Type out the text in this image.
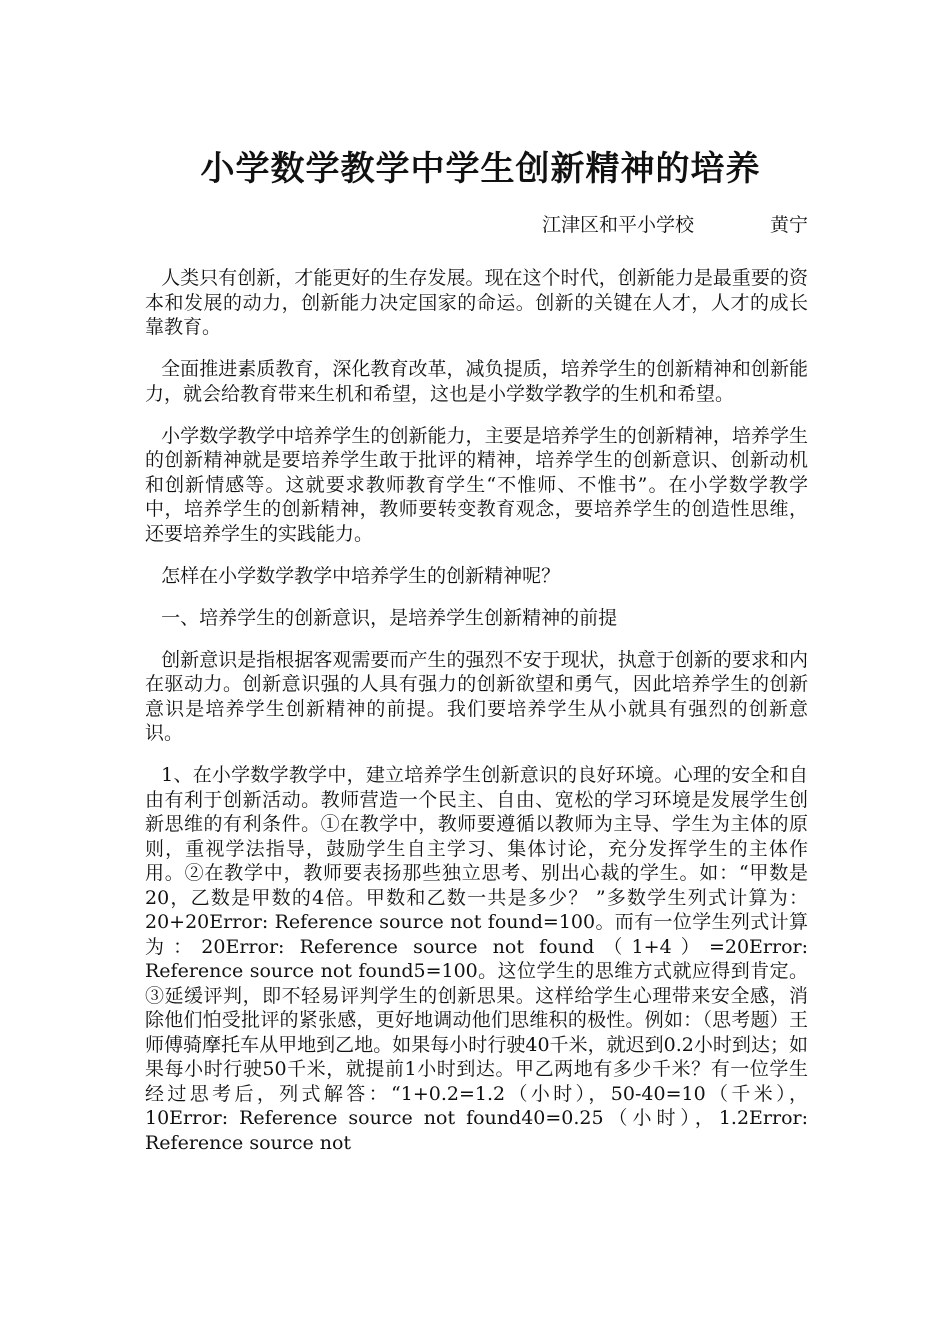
小学数学教学中学生创新精神的培养
江津区和平小学校	黄宁

人类只有创新，才能更好的生存发展。现在这个时代，创新能力是最重要的资本和发展的动力，创新能力决定国家的命运。创新的关键在人才，人才的成长靠教育。

全面推进素质教育，深化教育改革，减负提质，培养学生的创新精神和创新能力，就会给教育带来生机和希望，这也是小学数学教学的生机和希望。

小学数学教学中培养学生的创新能力，主要是培养学生的创新精神，培养学生的创新精神就是要培养学生敢于批评的精神，培养学生的创新意识、创新动机和创新情感等。这就要求教师教育学生“不惟师、不惟书”。在小学数学教学中，培养学生的创新精神，教师要转变教育观念，要培养学生的创造性思维，还要培养学生的实践能力。

怎样在小学数学教学中培养学生的创新精神呢？

一、培养学生的创新意识，是培养学生创新精神的前提

创新意识是指根据客观需要而产生的强烈不安于现状，执意于创新的要求和内在驱动力。创新意识强的人具有强力的创新欲望和勇气，因此培养学生的创新意识是培养学生创新精神的前提。我们要培养学生从小就具有强烈的创新意识。

1、在小学数学教学中，建立培养学生创新意识的良好环境。心理的安全和自由有利于创新活动。教师营造一个民主、自由、宽松的学习环境是发展学生创新思维的有利条件。①在教学中，教师要遵循以教师为主导、学生为主体的原则，重视学法指导，鼓励学生自主学习、集体讨论，充分发挥学生的主体作用。②在教学中，教师要表扬那些独立思考、别出心裁的学生。如：“甲数是20，乙数是甲数的4倍。甲数和乙数一共是多少？ ”多数学生列式计算为：20+20Error: Reference source not found=100。而有一位学生列式计算为：20Error: Reference source not found（1+4）=20Error: Reference source not found5=100。这位学生的思维方式就应得到肯定。③延缓评判，即不轻易评判学生的创新思果。这样给学生心理带来安全感，消除他们怕受批评的紧张感，更好地调动他们思维积的极性。例如：（思考题）王师傅骑摩托车从甲地到乙地。如果每小时行驶40千米，就迟到0.2小时到达；如果每小时行驶50千米，就提前1小时到达。甲乙两地有多少千米？有一位学生经过思考后，列式解答：“1+0.2=1.2（小时），50-40=10（千米），10Error: Reference source not found40=0.25（小时），1.2Error: Reference source not
